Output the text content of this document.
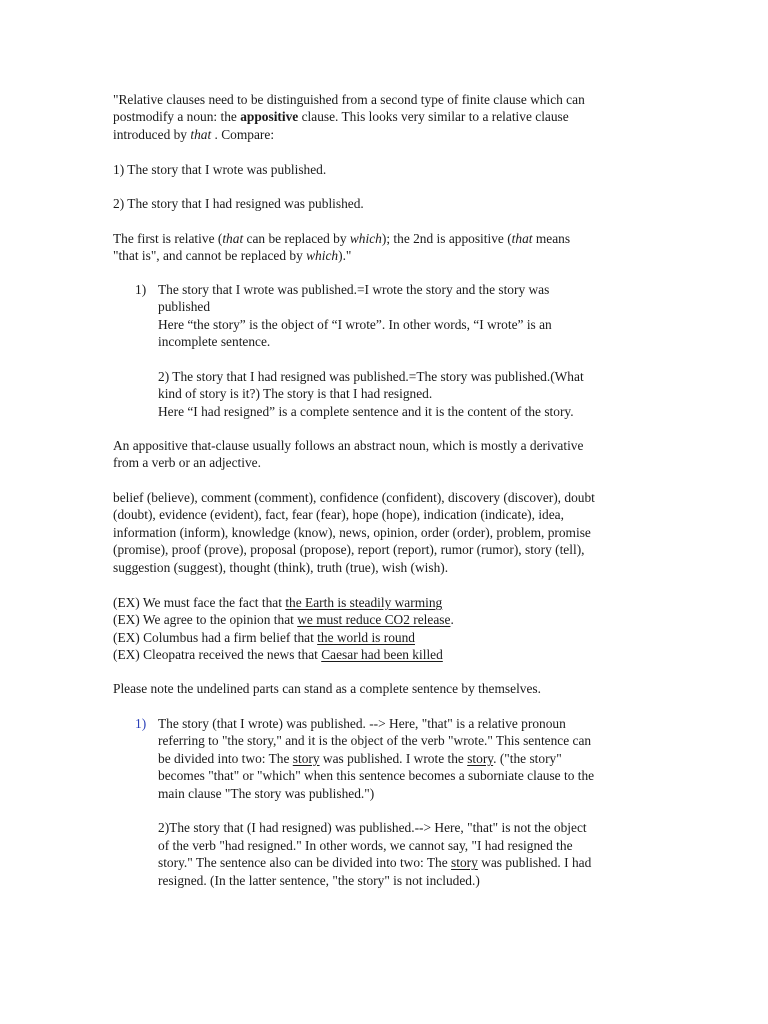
"Relative clauses need to be distinguished from a second type of finite clause which can
postmodify a noun: the appositive clause. This looks very similar to a relative clause
introduced by that . Compare:

1) The story that I wrote was published.

2) The story that I had resigned was published.

The first is relative (that can be replaced by which); the 2nd is appositive (that means
"that is", and cannot be replaced by which)."

1) The story that I wrote was published.=I wrote the story and the story was
published
Here “the story” is the object of “I wrote”. In other words, “I wrote” is an
incomplete sentence.
2) The story that I had resigned was published.=The story was published.(What
kind of story is it?) The story is that I had resigned.
Here “I had resigned” is a complete sentence and it is the content of the story.

An appositive that-clause usually follows an abstract noun, which is mostly a derivative
from a verb or an adjective.

belief (believe), comment (comment), confidence (confident), discovery (discover), doubt
(doubt), evidence (evident), fact, fear (fear), hope (hope), indication (indicate), idea,
information (inform), knowledge (know), news, opinion, order (order), problem, promise
(promise), proof (prove), proposal (propose), report (report), rumor (rumor), story (tell),
suggestion (suggest), thought (think), truth (true), wish (wish).

(EX) We must face the fact that the Earth is steadily warming
(EX) We agree to the opinion that we must reduce CO2 release.
(EX) Columbus had a firm belief that the world is round
(EX) Cleopatra received the news that Caesar had been killed

Please note the undelined parts can stand as a complete sentence by themselves.

1) The story (that I wrote) was published. --> Here, "that" is a relative pronoun
referring to "the story," and it is the object of the verb "wrote." This sentence can
be divided into two: The story was published. I wrote the story. ("the story"
becomes "that" or "which" when this sentence becomes a suborniate clause to the
main clause "The story was published.")
2)The story that (I had resigned) was published.--> Here, "that" is not the object
of the verb "had resigned." In other words, we cannot say, "I had resigned the
story." The sentence also can be divided into two: The story was published. I had
resigned. (In the latter sentence, "the story" is not included.)
